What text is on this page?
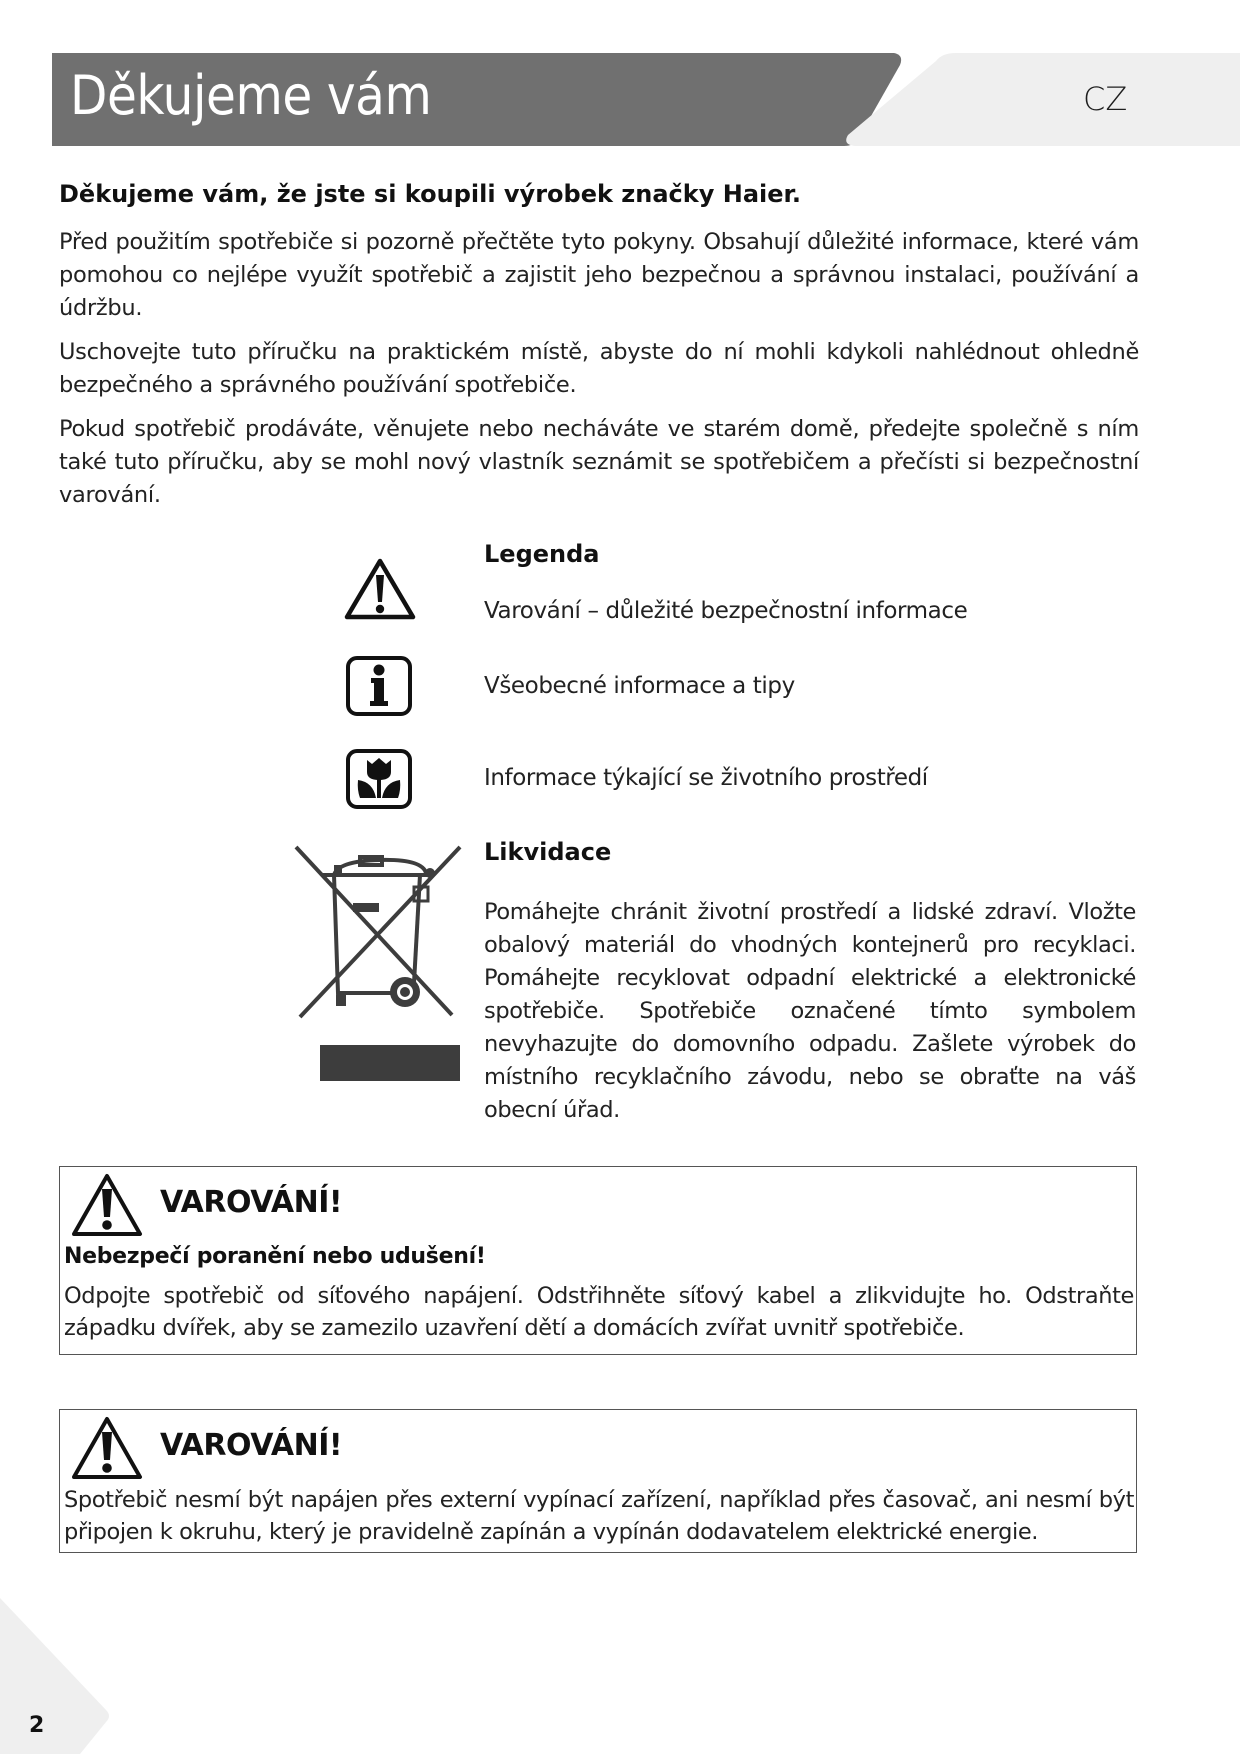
Děkujeme vám	CZ
Děkujeme vám, že jste si koupili výrobek značky Haier.
Před použitím spotřebiče si pozorně přečtěte tyto pokyny. Obsahují důležité informace, které vám pomohou co nejlépe využít spotřebič a zajistit jeho bezpečnou a správnou instalaci, používání a údržbu.
Uschovejte tuto příručku na praktickém místě, abyste do ní mohli kdykoli nahlédnout ohledně bezpečného a správného používání spotřebiče.
Pokud spotřebič prodáváte, věnujete nebo necháváte ve starém domě, předejte společně s ním také tuto příručku, aby se mohl nový vlastník seznámit se spotřebičem a přečísti si bezpečnostní varování.
Legenda
Varování – důležité bezpečnostní informace
Všeobecné informace a tipy
Informace týkající se životního prostředí
Likvidace
Pomáhejte chránit životní prostředí a lidské zdraví. Vložte obalový materiál do vhodných kontejnerů pro recyklaci. Pomáhejte recyklovat odpadní elektrické a elektronické spotřebiče. Spotřebiče označené tímto symbolem nevyhazujte do domovního odpadu. Zašlete výrobek do místního recyklačního závodu, nebo se obraťte na váš obecní úřad.
VAROVÁNÍ!
Nebezpečí poranění nebo udušení!
Odpojte spotřebič od síťového napájení. Odstřihněte síťový kabel a zlikvidujte ho. Odstraňte západku dvířek, aby se zamezilo uzavření dětí a domácích zvířat uvnitř spotřebiče.
VAROVÁNÍ!
Spotřebič nesmí být napájen přes externí vypínací zařízení, například přes časovač, ani nesmí být připojen k okruhu, který je pravidelně zapínán a vypínán dodavatelem elektrické energie.
2
